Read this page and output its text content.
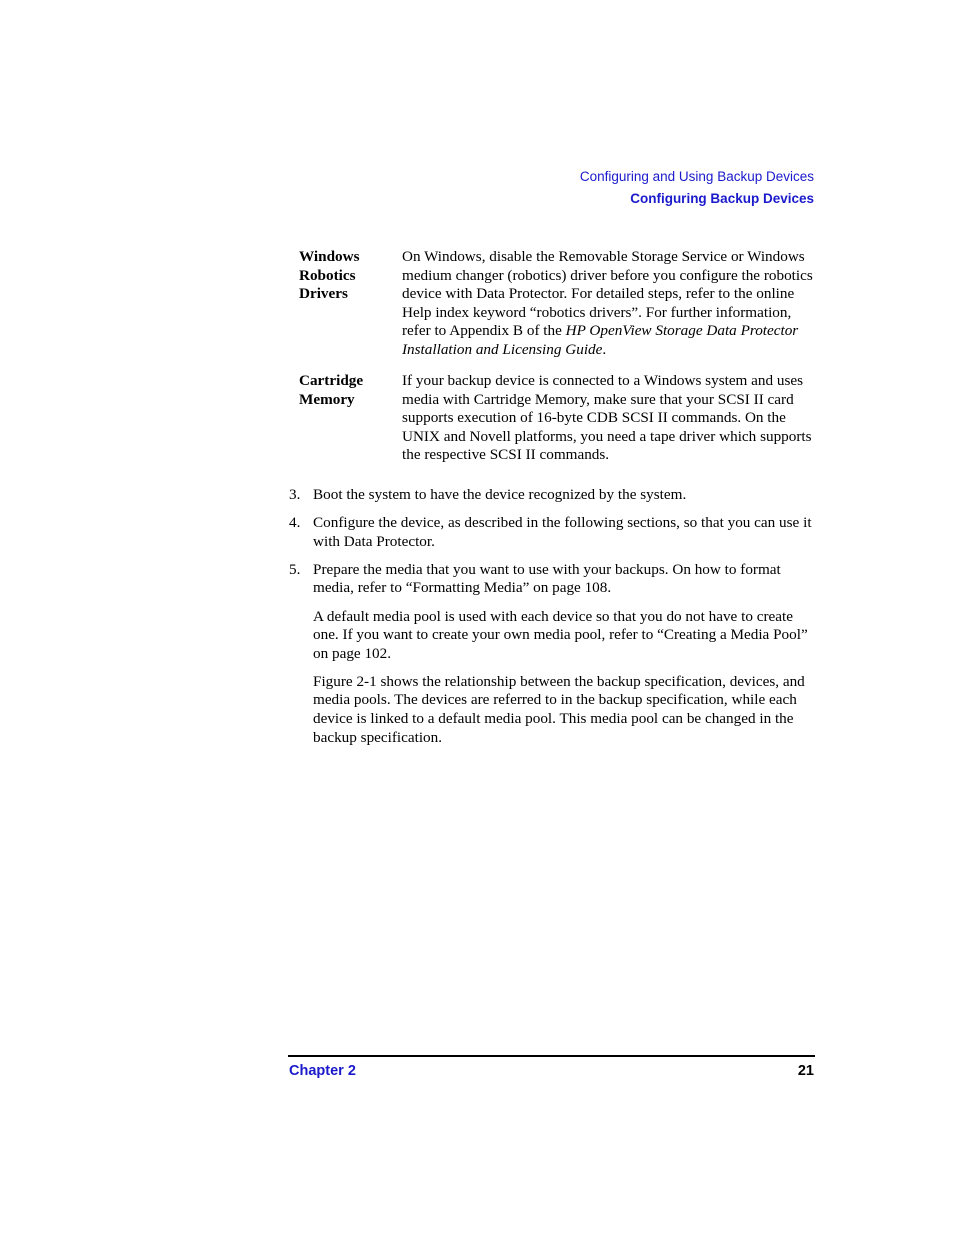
Configuring and Using Backup Devices
Configuring Backup Devices
Windows
Robotics
Drivers
On Windows, disable the Removable Storage Service or Windows medium changer (robotics) driver before you configure the robotics device with Data Protector. For detailed steps, refer to the online Help index keyword “robotics drivers”. For further information, refer to Appendix B of the HP OpenView Storage Data Protector Installation and Licensing Guide.
Cartridge
Memory
If your backup device is connected to a Windows system and uses media with Cartridge Memory, make sure that your SCSI II card supports execution of 16-byte CDB SCSI II commands. On the UNIX and Novell platforms, you need a tape driver which supports the respective SCSI II commands.
3. Boot the system to have the device recognized by the system.

4. Configure the device, as described in the following sections, so that you can use it with Data Protector.

5. Prepare the media that you want to use with your backups. On how to format media, refer to “Formatting Media” on page 108.

A default media pool is used with each device so that you do not have to create one. If you want to create your own media pool, refer to “Creating a Media Pool” on page 102.

Figure 2-1 shows the relationship between the backup specification, devices, and media pools. The devices are referred to in the backup specification, while each device is linked to a default media pool. This media pool can be changed in the backup specification.

Chapter 2	21
